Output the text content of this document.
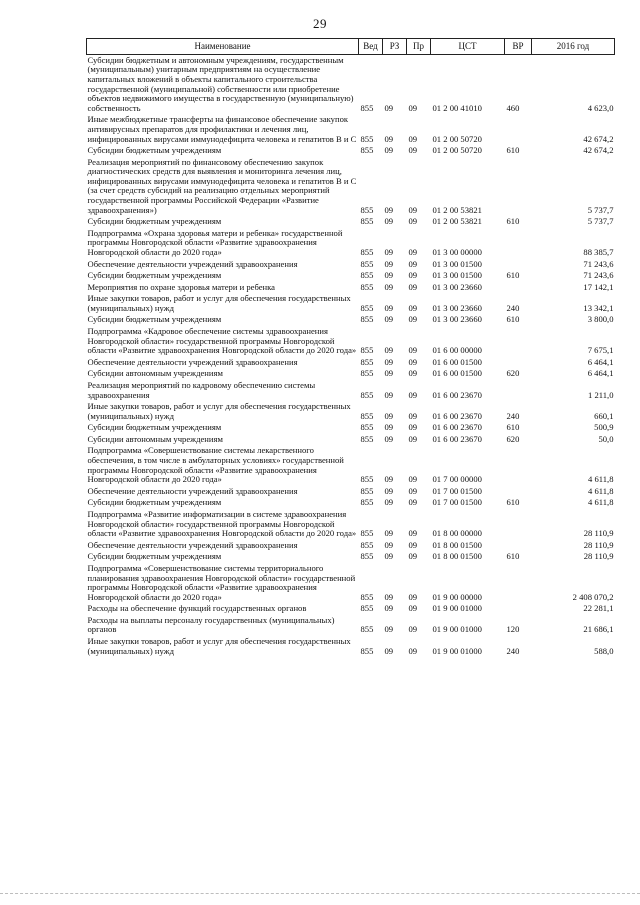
29
Наименование	Вед	РЗ	Пр	ЦСТ	ВР	2016 год
Субсидии бюджетным и автономным учреждениям, государственным (муниципальным) унитарным предприятиям на осуществление капитальных вложений в объекты капитального строительства государственной (муниципальной) собственности или приобретение объектов недвижимого имущества в государственную (муниципальную) собственность	855	09	09	01 2 00 41010	460	4 623,0
Иные межбюджетные трансферты на финансовое обеспечение закупок антивирусных препаратов для профилактики и лечения лиц, инфицированных вирусами иммунодефицита человека и гепатитов В и С	855	09	09	01 2 00 50720		42 674,2
Субсидии бюджетным учреждениям	855	09	09	01 2 00 50720	610	42 674,2
Реализация мероприятий по финансовому обеспечению закупок диагностических средств для выявления и мониторинга лечения лиц, инфицированных вирусами иммунодефицита человека и гепатитов В и С (за счет средств субсидий на реализацию отдельных мероприятий государственной программы Российской Федерации «Развитие здравоохранения»)	855	09	09	01 2 00 53821		5 737,7
Субсидии бюджетным учреждениям	855	09	09	01 2 00 53821	610	5 737,7
Подпрограмма «Охрана здоровья матери и ребенка» государственной программы Новгородской области «Развитие здравоохранения Новгородской области до 2020 года»	855	09	09	01 3 00 00000		88 385,7
Обеспечение деятельности учреждений здравоохранения	855	09	09	01 3 00 01500		71 243,6
Субсидии бюджетным учреждениям	855	09	09	01 3 00 01500	610	71 243,6
Мероприятия по охране здоровья матери и ребенка	855	09	09	01 3 00 23660		17 142,1
Иные закупки товаров, работ и услуг для обеспечения государственных (муниципальных) нужд	855	09	09	01 3 00 23660	240	13 342,1
Субсидии бюджетным учреждениям	855	09	09	01 3 00 23660	610	3 800,0
Подпрограмма «Кадровое обеспечение системы здравоохранения Новгородской области» государственной программы Новгородской области «Развитие здравоохранения Новгородской области до 2020 года»	855	09	09	01 6 00 00000		7 675,1
Обеспечение деятельности учреждений здравоохранения	855	09	09	01 6 00 01500		6 464,1
Субсидии автономным учреждениям	855	09	09	01 6 00 01500	620	6 464,1
Реализация мероприятий по кадровому обеспечению системы здравоохранения	855	09	09	01 6 00 23670		1 211,0
Иные закупки товаров, работ и услуг для обеспечения государственных (муниципальных) нужд	855	09	09	01 6 00 23670	240	660,1
Субсидии бюджетным учреждениям	855	09	09	01 6 00 23670	610	500,9
Субсидии автономным учреждениям	855	09	09	01 6 00 23670	620	50,0
Подпрограмма «Совершенствование системы лекарственного обеспечения, в том числе в амбулаторных условиях» государственной программы Новгородской области «Развитие здравоохранения Новгородской области до 2020 года»	855	09	09	01 7 00 00000		4 611,8
Обеспечение деятельности учреждений здравоохранения	855	09	09	01 7 00 01500		4 611,8
Субсидии бюджетным учреждениям	855	09	09	01 7 00 01500	610	4 611,8
Подпрограмма «Развитие информатизации в системе здравоохранения Новгородской области» государственной программы Новгородской области «Развитие здравоохранения Новгородской области до 2020 года»	855	09	09	01 8 00 00000		28 110,9
Обеспечение деятельности учреждений здравоохранения	855	09	09	01 8 00 01500		28 110,9
Субсидии бюджетным учреждениям	855	09	09	01 8 00 01500	610	28 110,9
Подпрограмма «Совершенствование системы территориального планирования здравоохранения Новгородской области» государственной программы Новгородской области «Развитие здравоохранения Новгородской области до 2020 года»	855	09	09	01 9 00 00000		2 408 070,2
Расходы на обеспечение функций государственных органов	855	09	09	01 9 00 01000		22 281,1
Расходы на выплаты персоналу государственных (муниципальных) органов	855	09	09	01 9 00 01000	120	21 686,1
Иные закупки товаров, работ и услуг для обеспечения государственных (муниципальных) нужд	855	09	09	01 9 00 01000	240	588,0
